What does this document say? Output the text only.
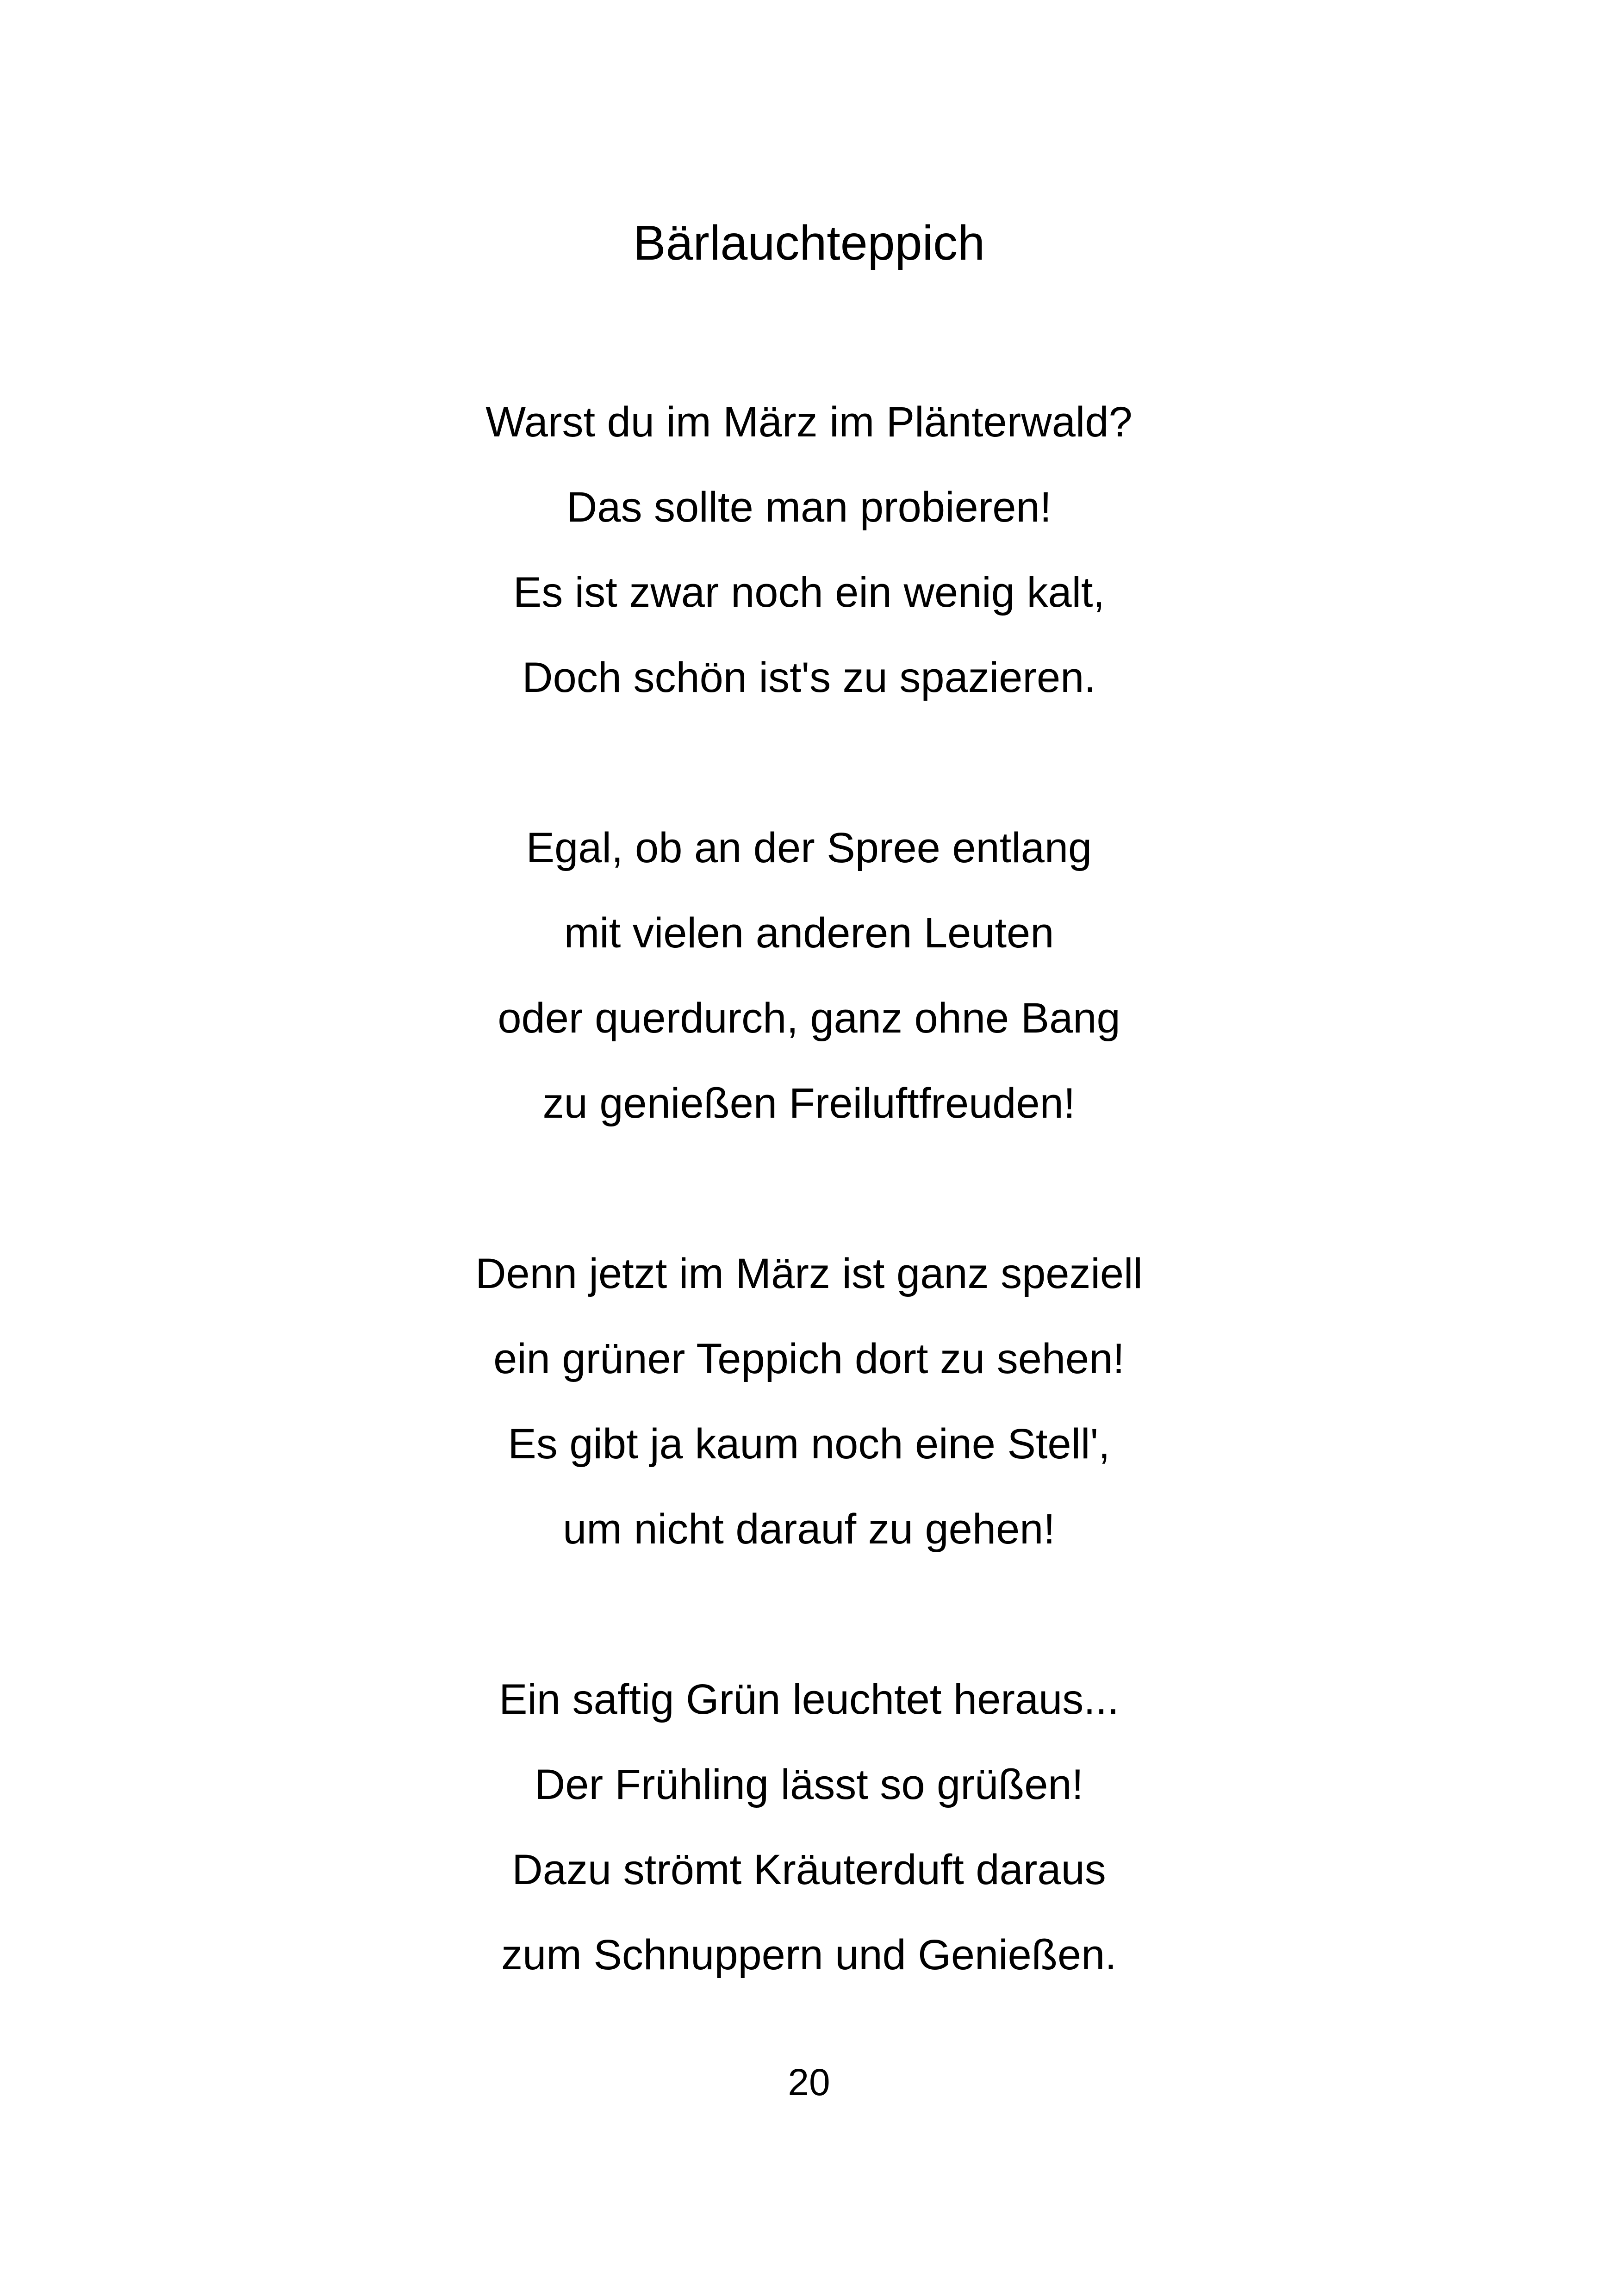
Bärlauchteppich
Warst du im März im Plänterwald?
Das sollte man probieren!
Es ist zwar noch ein wenig kalt,
Doch schön ist's zu spazieren.
Egal, ob an der Spree entlang
mit vielen anderen Leuten
oder querdurch, ganz ohne Bang
zu genießen Freiluftfreuden!
Denn jetzt im März ist ganz speziell
ein grüner Teppich dort zu sehen!
Es gibt ja kaum noch eine Stell',
um nicht darauf zu gehen!
Ein saftig Grün leuchtet heraus...
Der Frühling lässt so grüßen!
Dazu strömt Kräuterduft daraus
zum Schnuppern und Genießen.
20
